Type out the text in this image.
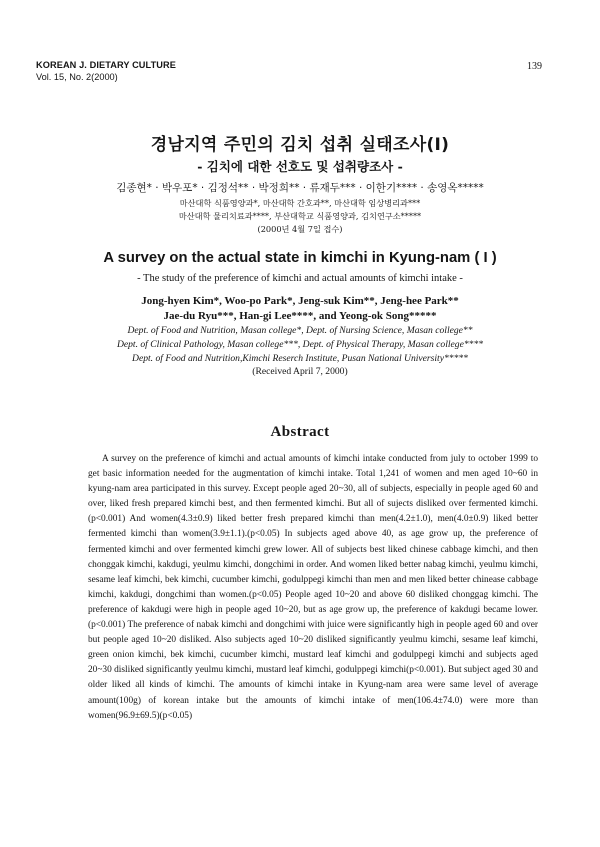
KOREAN J. DIETARY CULTURE
Vol. 15, No. 2(2000)
139
경남지역 주민의 김치 섭취 실태조사(I)
- 김치에 대한 선호도 및 섭취량조사 -
김종현* · 박우포* · 김정석** · 박정희** · 류재두*** · 이한기**** · 송영옥*****
마산대학 식품영양과*, 마산대학 간호과**, 마산대학 임상병리과***
마산대학 물리치료과****, 부산대학교 식품영양과, 김치연구소*****
(2000년 4월 7일 접수)
A survey on the actual state in kimchi in Kyung-nam ( I )
- The study of the preference of kimchi and actual amounts of kimchi intake -
Jong-hyen Kim*, Woo-po Park*, Jeng-suk Kim**, Jeng-hee Park**
Jae-du Ryu***, Han-gi Lee****, and Yeong-ok Song*****
Dept. of Food and Nutrition, Masan college*, Dept. of Nursing Science, Masan college**
Dept. of Clinical Pathology, Masan college***, Dept. of Physical Therapy, Masan college****
Dept. of Food and Nutrition,Kimchi Reserch Institute, Pusan National University*****
(Received April 7, 2000)
Abstract
A survey on the preference of kimchi and actual amounts of kimchi intake conducted from july to october 1999 to get basic information needed for the augmentation of kimchi intake. Total 1,241 of women and men aged 10~60 in kyung-nam area participated in this survey. Except people aged 20~30, all of subjects, especially in people aged 60 and over, liked fresh prepared kimchi best, and then fermented kimchi. But all of sujects disliked over fermented kimchi.(p<0.001) And women(4.3±0.9) liked better fresh prepared kimchi than men(4.2±1.0), men(4.0±0.9) liked better fermented kimchi than women(3.9±1.1).(p<0.05) In subjects aged above 40, as age grow up, the preference of fermented kimchi and over fermented kimchi grew lower. All of subjects best liked chinese cabbage kimchi, and then chonggak kimchi, kakdugi, yeulmu kimchi, dongchimi in order. And women liked better nabag kimchi, yeulmu kimchi, sesame leaf kimchi, bek kimchi, cucumber kimchi, godulppegi kimchi than men and men liked better chinease cabbage kimchi, kakdugi, dongchimi than women.(p<0.05) People aged 10~20 and above 60 disliked chonggag kimchi. The preference of kakdugi were high in people aged 10~20, but as age grow up, the preference of kakdugi became lower.(p<0.001) The preference of nabak kimchi and dongchimi with juice were significantly high in people aged 60 and over but people aged 10~20 disliked. Also subjects aged 10~20 disliked significantly yeulmu kimchi, sesame leaf kimchi, green onion kimchi, bek kimchi, cucumber kimchi, mustard leaf kimchi and godulppegi kimchi and subjects aged 20~30 disliked significantly yeulmu kimchi, mustard leaf kimchi, godulppegi kimchi(p<0.001). But subject aged 30 and older liked all kinds of kimchi. The amounts of kimchi intake in Kyung-nam area were same level of average amount(100g) of korean intake but the amounts of kimchi intake of men(106.4±74.0) were more than women(96.9±69.5)(p<0.05)
